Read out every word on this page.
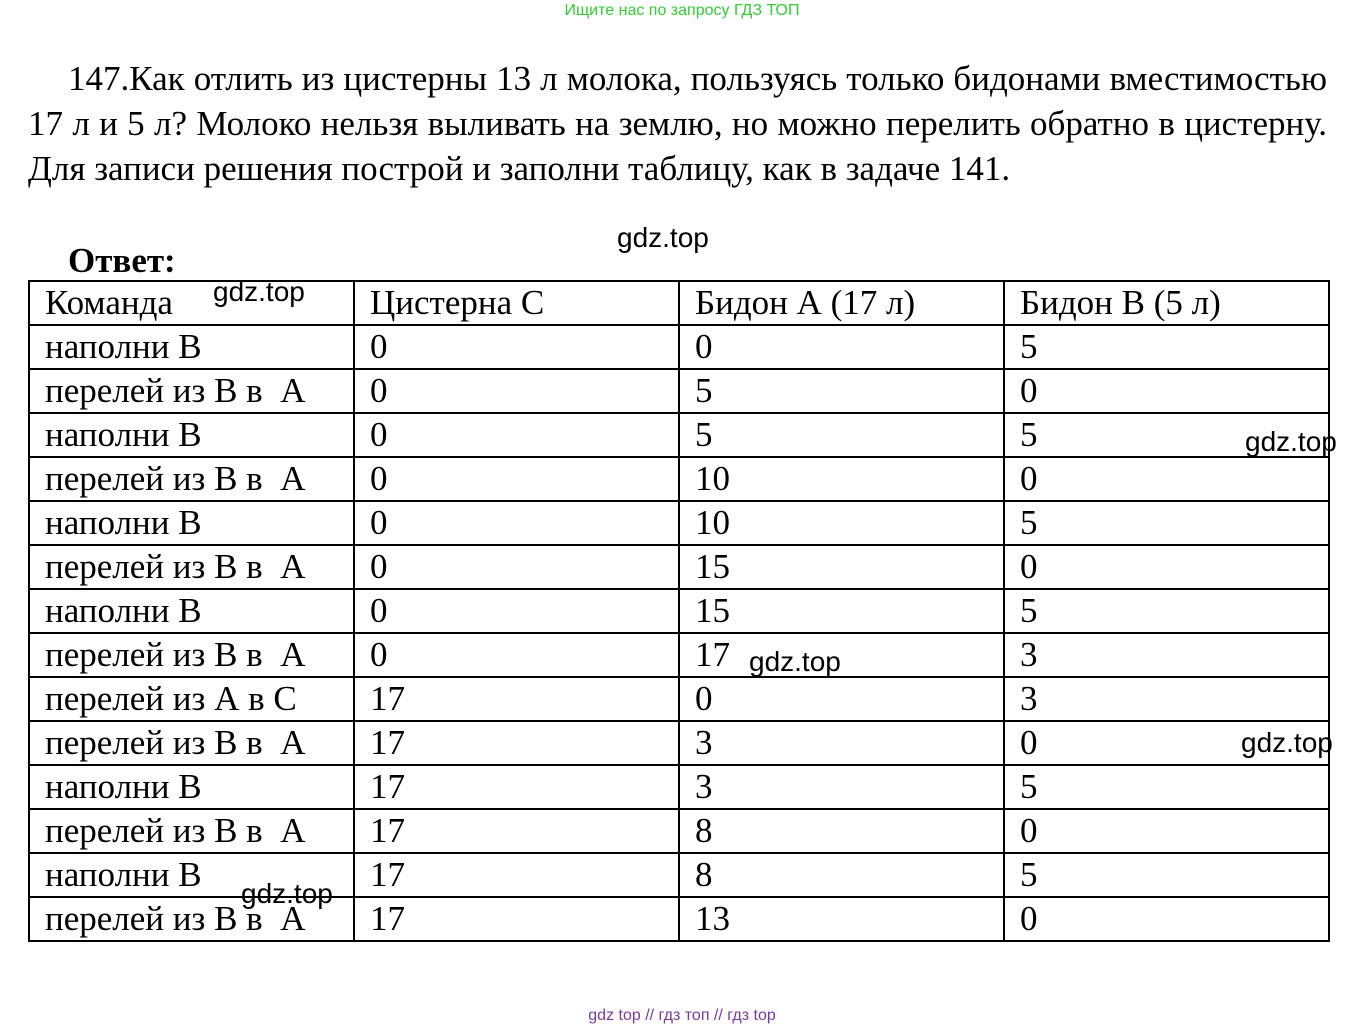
Ищите нас по запросу ГДЗ ТОП

147.Как отлить из цистерны 13 л молока, пользуясь только бидонами вместимостью 17 л и 5 л? Молоко нельзя выливать на землю, но можно перелить обратно в цистерну. Для записи решения построй и заполни таблицу, как в задаче 141.

Ответ:
Команда	Цистерна С	Бидон А (17 л)	Бидон В (5 л)
наполни В	0	0	5
перелей из В в  А	0	5	0
наполни В	0	5	5
перелей из В в  А	0	10	0
наполни В	0	10	5
перелей из В в  А	0	15	0
наполни В	0	15	5
перелей из В в  А	0	17	3
перелей из А в С	17	0	3
перелей из В в  А	17	3	0
наполни В	17	3	5
перелей из В в  А	17	8	0
наполни В	17	8	5
перелей из В в  А	17	13	0
gdz.top
gdz.top
gdz.top
gdz.top
gdz.top
gdz.top
gdz top // гдз топ // гдз top
